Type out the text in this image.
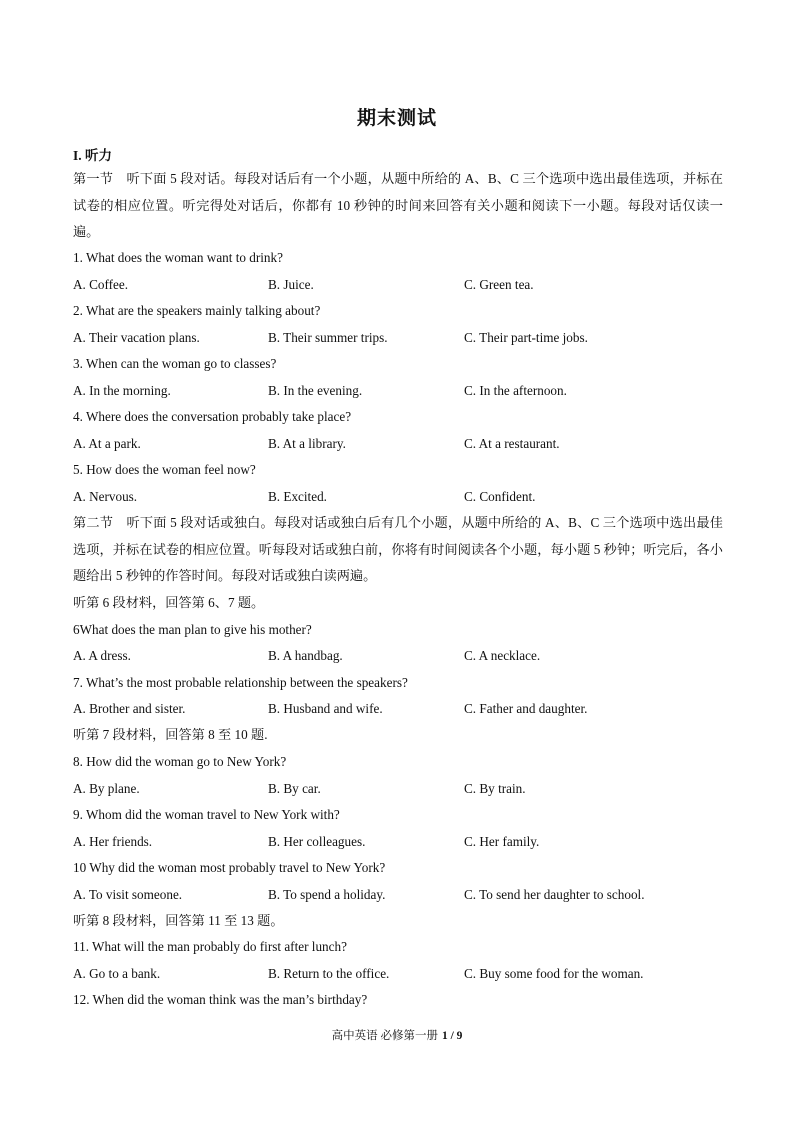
期末测试
I. 听力
第一节　听下面 5 段对话。每段对话后有一个小题，从题中所给的 A、B、C 三个选项中选出最佳选项，并标在试卷的相应位置。听完得处对话后，你都有 10 秒钟的时间来回答有关小题和阅读下一小题。每段对话仅读一遍。
1. What does the woman want to drink?
A. Coffee.	B. Juice.	C. Green tea.
2. What are the speakers mainly talking about?
A. Their vacation plans.	B. Their summer trips.	C. Their part-time jobs.
3. When can the woman go to classes?
A. In the morning.	B. In the evening.	C. In the afternoon.
4. Where does the conversation probably take place?
A. At a park.	B. At a library.	C. At a restaurant.
5. How does the woman feel now?
A. Nervous.	B. Excited.	C. Confident.
第二节　听下面 5 段对话或独白。每段对话或独白后有几个小题，从题中所给的 A、B、C 三个选项中选出最佳选项，并标在试卷的相应位置。听每段对话或独白前，你将有时间阅读各个小题，每小题 5 秒钟；听完后，各小题给出 5 秒钟的作答时间。每段对话或独白读两遍。
听第 6 段材料，回答第 6、7 题。
6What does the man plan to give his mother?
A. A dress.	B. A handbag.	C. A necklace.
7. What’s the most probable relationship between the speakers?
A. Brother and sister.	B. Husband and wife.	C. Father and daughter.
听第 7 段材料，回答第 8 至 10 题.
8. How did the woman go to New York?
A. By plane.	B. By car.	C. By train.
9. Whom did the woman travel to New York with?
A. Her friends.	B. Her colleagues.	C. Her family.
10 Why did the woman most probably travel to New York?
A. To visit someone.	B. To spend a holiday.	C. To send her daughter to school.
听第 8 段材料，回答第 11 至 13 题。
11. What will the man probably do first after lunch?
A. Go to a bank.	B. Return to the office.	C. Buy some food for the woman.
12. When did the woman think was the man’s birthday?
高中英语 必修第一册 1 / 9
